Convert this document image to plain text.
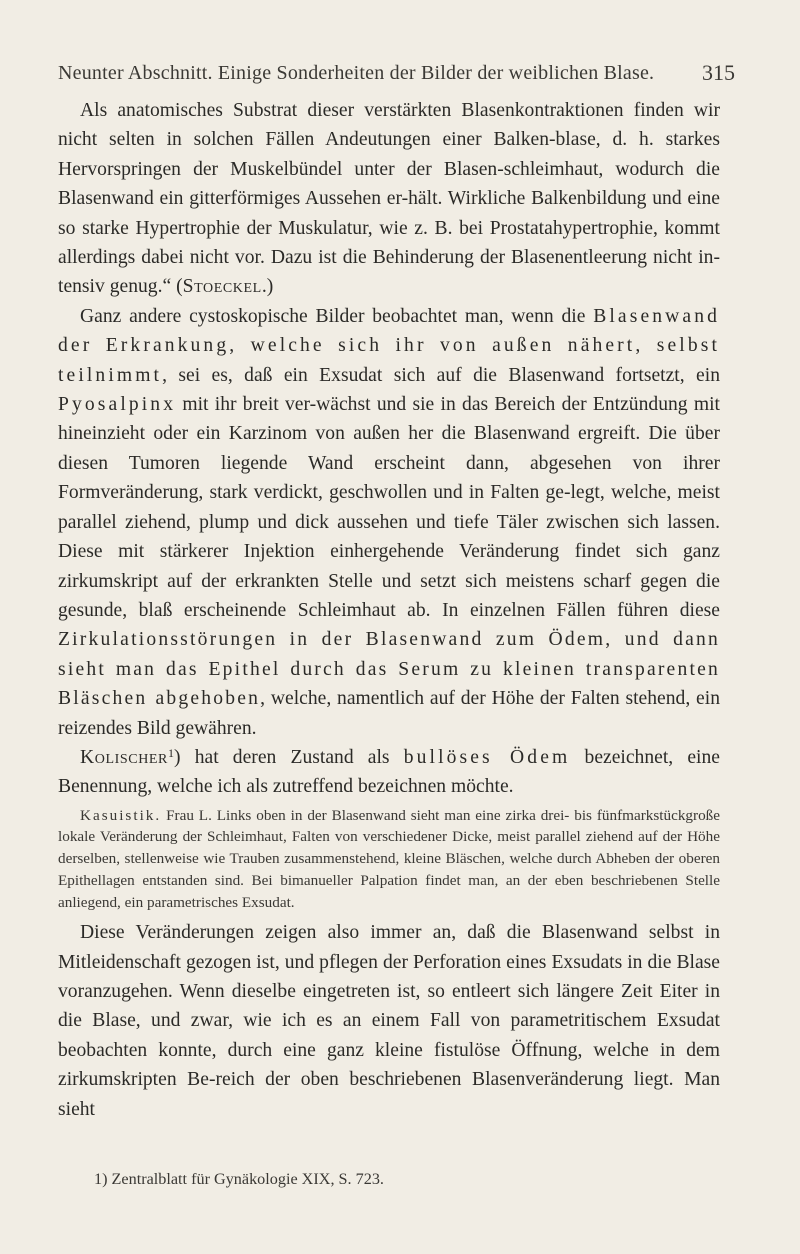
Neunter Abschnitt. Einige Sonderheiten der Bilder der weiblichen Blase. 315

Als anatomisches Substrat dieser verstärkten Blasenkontraktionen finden wir nicht selten in solchen Fällen Andeutungen einer Balken-blase, d. h. starkes Hervorspringen der Muskelbündel unter der Blasen-schleimhaut, wodurch die Blasenwand ein gitterförmiges Aussehen er-hält. Wirkliche Balkenbildung und eine so starke Hypertrophie der Muskulatur, wie z. B. bei Prostatahypertrophie, kommt allerdings dabei nicht vor. Dazu ist die Behinderung der Blasenentleerung nicht in-tensiv genug.“ (Stoeckel.)

Ganz andere cystoskopische Bilder beobachtet man, wenn die Blasenwand der Erkrankung, welche sich ihr von außen nähert, selbst teilnimmt, sei es, daß ein Exsudat sich auf die Blasenwand fortsetzt, ein Pyosalpinx mit ihr breit ver-wächst und sie in das Bereich der Entzündung mit hineinzieht oder ein Karzinom von außen her die Blasenwand ergreift. Die über diesen Tumoren liegende Wand erscheint dann, abgesehen von ihrer Formveränderung, stark verdickt, geschwollen und in Falten ge-legt, welche, meist parallel ziehend, plump und dick aussehen und tiefe Täler zwischen sich lassen. Diese mit stärkerer Injektion einhergehende Veränderung findet sich ganz zirkumskript auf der erkrankten Stelle und setzt sich meistens scharf gegen die gesunde, blaß erscheinende Schleimhaut ab. In einzelnen Fällen führen diese Zirkulationsstörungen in der Blasenwand zum Ödem, und dann sieht man das Epithel durch das Serum zu kleinen transparenten Bläschen abgehoben, welche, namentlich auf der Höhe der Falten stehend, ein reizendes Bild gewähren.

Kolischer$^1$) hat deren Zustand als bullöses Ödem bezeichnet, eine Benennung, welche ich als zutreffend bezeichnen möchte.

Kasuistik. Frau L. Links oben in der Blasenwand sieht man eine zirka drei- bis fünfmarkstückgroße lokale Veränderung der Schleimhaut, Falten von verschiedener Dicke, meist parallel ziehend auf der Höhe derselben, stellenweise wie Trauben zusammenstehend, kleine Bläschen, welche durch Abheben der oberen Epithellagen entstanden sind. Bei bimanueller Palpation findet man, an der eben beschriebenen Stelle anliegend, ein parametrisches Exsudat.

Diese Veränderungen zeigen also immer an, daß die Blasenwand selbst in Mitleidenschaft gezogen ist, und pflegen der Perforation eines Exsudats in die Blase voranzugehen. Wenn dieselbe eingetreten ist, so entleert sich längere Zeit Eiter in die Blase, und zwar, wie ich es an einem Fall von parametritischem Exsudat beobachten konnte, durch eine ganz kleine fistulöse Öffnung, welche in dem zirkumskripten Be-reich der oben beschriebenen Blasenveränderung liegt. Man sieht

1) Zentralblatt für Gynäkologie XIX, S. 723.
